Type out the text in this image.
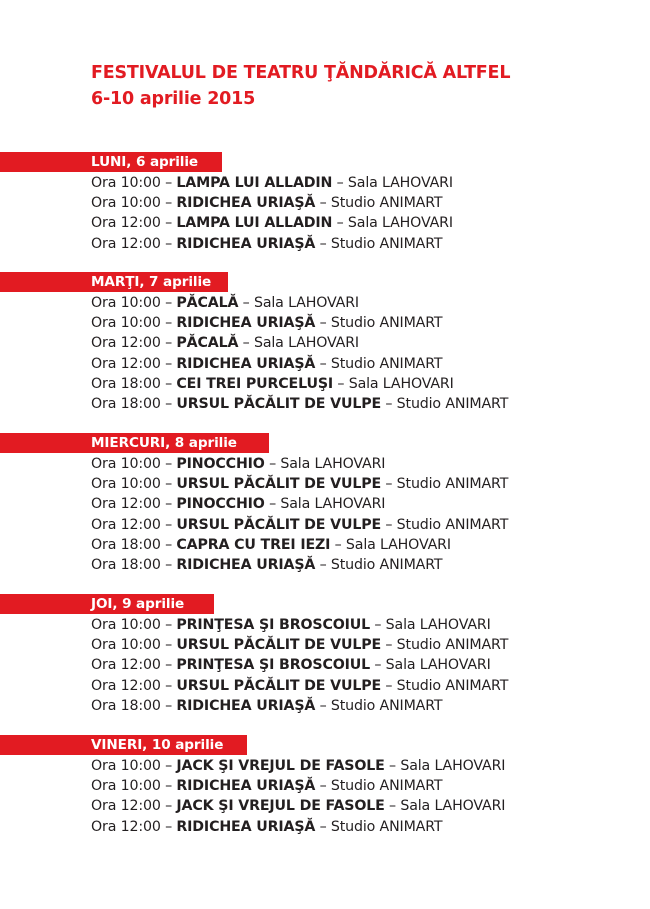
FESTIVALUL DE TEATRU ŢĂNDĂRICĂ ALTFEL
6-10 aprilie 2015
LUNI, 6 aprilie
Ora 10:00 – LAMPA LUI ALLADIN – Sala LAHOVARI
Ora 10:00 – RIDICHEA URIAŞĂ – Studio ANIMART
Ora 12:00 – LAMPA LUI ALLADIN – Sala LAHOVARI
Ora 12:00 – RIDICHEA URIAŞĂ – Studio ANIMART
MARŢI, 7 aprilie
Ora 10:00 – PĂCALĂ – Sala LAHOVARI
Ora 10:00 – RIDICHEA URIAŞĂ – Studio ANIMART
Ora 12:00 – PĂCALĂ – Sala LAHOVARI
Ora 12:00 – RIDICHEA URIAŞĂ – Studio ANIMART
Ora 18:00 – CEI TREI PURCELUŞI – Sala LAHOVARI
Ora 18:00 – URSUL PĂCĂLIT DE VULPE – Studio ANIMART
MIERCURI, 8 aprilie
Ora 10:00 – PINOCCHIO – Sala LAHOVARI
Ora 10:00 – URSUL PĂCĂLIT DE VULPE – Studio ANIMART
Ora 12:00 – PINOCCHIO – Sala LAHOVARI
Ora 12:00 – URSUL PĂCĂLIT DE VULPE – Studio ANIMART
Ora 18:00 – CAPRA CU TREI IEZI – Sala LAHOVARI
Ora 18:00 – RIDICHEA URIAŞĂ – Studio ANIMART
JOI, 9 aprilie
Ora 10:00 – PRINŢESA ŞI BROSCOIUL – Sala LAHOVARI
Ora 10:00 – URSUL PĂCĂLIT DE VULPE – Studio ANIMART
Ora 12:00 – PRINŢESA ŞI BROSCOIUL – Sala LAHOVARI
Ora 12:00 – URSUL PĂCĂLIT DE VULPE – Studio ANIMART
Ora 18:00 – RIDICHEA URIAŞĂ – Studio ANIMART
VINERI, 10 aprilie
Ora 10:00 – JACK ŞI VREJUL DE FASOLE – Sala LAHOVARI
Ora 10:00 – RIDICHEA URIAŞĂ – Studio ANIMART
Ora 12:00 – JACK ŞI VREJUL DE FASOLE – Sala LAHOVARI
Ora 12:00 – RIDICHEA URIAŞĂ – Studio ANIMART
